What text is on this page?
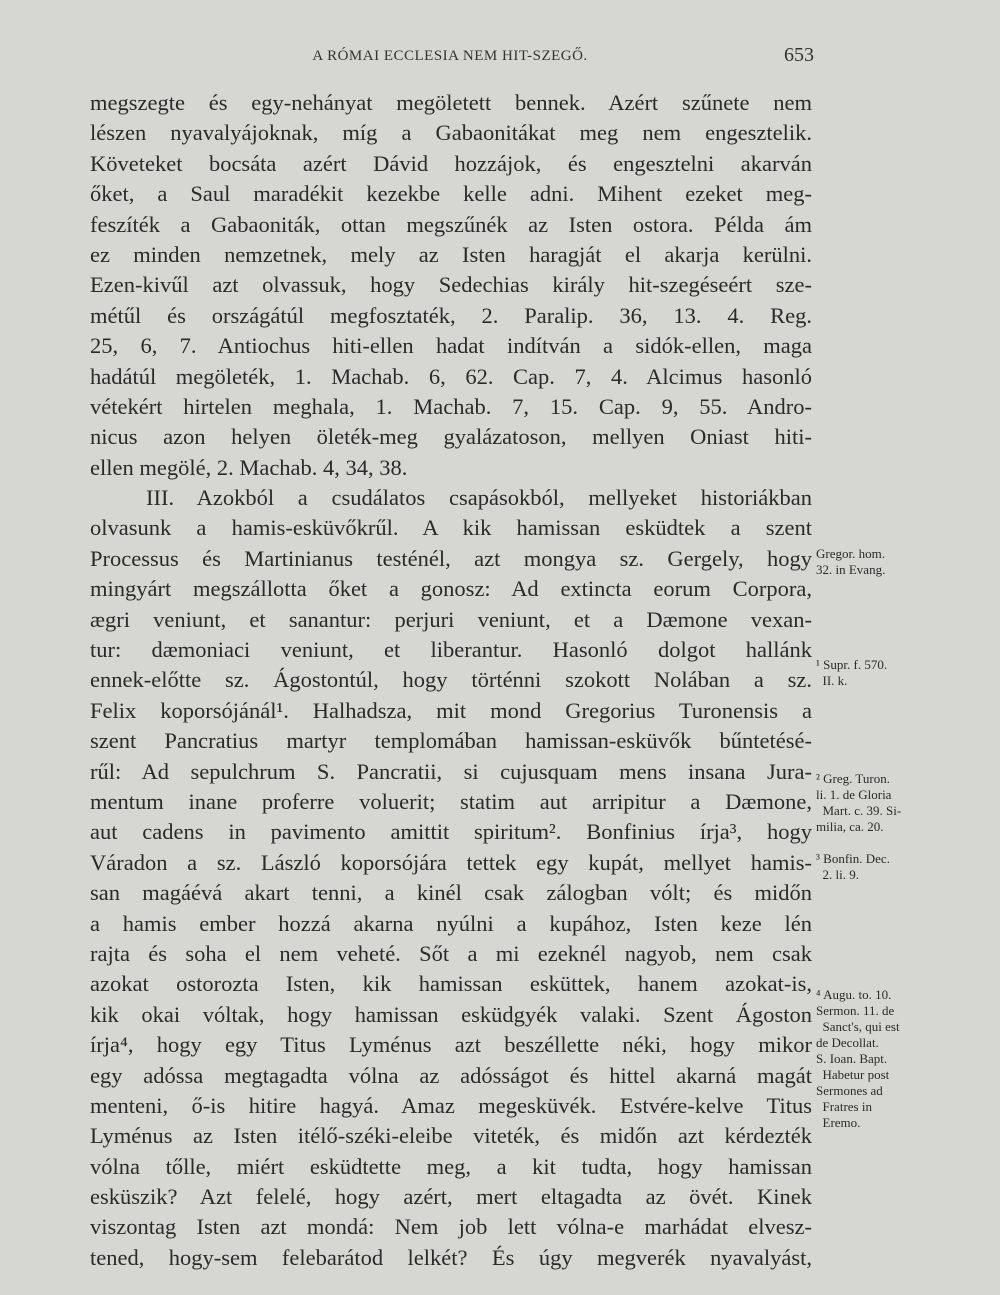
A RÓMAI ECCLESIA NEM HIT-SZEGŐ.	653
megszegte és egy-nehányat megöletett bennek. Azért szűnete nem
lészen nyavalyájoknak, míg a Gabaonitákat meg nem engesztelik.
Követeket bocsáta azért Dávid hozzájok, és engesztelni akarván
őket, a Saul maradékit kezekbe kelle adni. Mihent ezeket meg-
feszíték a Gabaoniták, ottan megszűnék az Isten ostora. Példa ám
ez minden nemzetnek, mely az Isten haragját el akarja kerülni.
Ezen-kivűl azt olvassuk, hogy Sedechias király hit-szegéseért sze-
métűl és országátúl megfosztaték, 2. Paralip. 36, 13. 4. Reg.
25, 6, 7. Antiochus hiti-ellen hadat indítván a sidók-ellen, maga
hadátúl megöleték, 1. Machab. 6, 62. Cap. 7, 4. Alcimus hasonló
vétekért hirtelen meghala, 1. Machab. 7, 15. Cap. 9, 55. Andro-
nicus azon helyen öleték-meg gyalázatoson, mellyen Oniast hiti-
ellen megölé, 2. Machab. 4, 34, 38.
III. Azokból a csudálatos csapásokból, mellyeket historiákban
olvasunk a hamis-esküvőkrűl. A kik hamissan esküdtek a szent
Processus és Martinianus testénél, azt mongya sz. Gergely, hogy
mingyárt megszállotta őket a gonosz: Ad extincta eorum Corpora,
ægri veniunt, et sanantur: perjuri veniunt, et a Dæmone vexan-
tur: dæmoniaci veniunt, et liberantur. Hasonló dolgot hallánk
ennek-előtte sz. Ágostontúl, hogy történni szokott Nolában a sz.
Felix koporsójánál¹. Halhadsza, mit mond Gregorius Turonensis a
szent Pancratius martyr templomában hamissan-esküvők bűntetésé-
rűl: Ad sepulchrum S. Pancratii, si cujusquam mens insana Jura-
mentum inane proferre voluerit; statim aut arripitur a Dæmone,
aut cadens in pavimento amittit spiritum². Bonfinius írja³, hogy
Váradon a sz. László koporsójára tettek egy kupát, mellyet hamis-
san magáévá akart tenni, a kinél csak zálogban vólt; és midőn
a hamis ember hozzá akarna nyúlni a kupához, Isten keze lén
rajta és soha el nem veheté. Sőt a mi ezeknél nagyob, nem csak
azokat ostorozta Isten, kik hamissan esküttek, hanem azokat-is,
kik okai vóltak, hogy hamissan esküdgyék valaki. Szent Ágoston
írja⁴, hogy egy Titus Lyménus azt beszéllette néki, hogy mikor
egy adóssa megtagadta vólna az adósságot és hittel akarná magát
menteni, ő-is hitire hagyá. Amaz megesküvék. Estvére-kelve Titus
Lyménus az Isten itélő-széki-eleibe viteték, és midőn azt kérdezték
vólna tőlle, miért esküdtette meg, a kit tudta, hogy hamissan
esküszik? Azt felelé, hogy azért, mert eltagadta az övét. Kinek
viszontag Isten azt mondá: Nem job lett vólna-e marhádat elvesz-
tened, hogy-sem felebarátod lelkét? És úgy megverék nyavalyást,
Gregor. hom.
32. in Evang.
¹ Supr. f. 570.
II. k.
² Greg. Turon.
li. 1. de Gloria
Mart. c. 39. Si-
milia, ca. 20.
³ Bonfin. Dec.
2. li. 9.
⁴ Augu. to. 10.
Sermon. 11. de
Sanct's, qui est
de Decollat.
S. Ioan. Bapt.
Habetur post
Sermones ad
Fratres in
Eremo.
